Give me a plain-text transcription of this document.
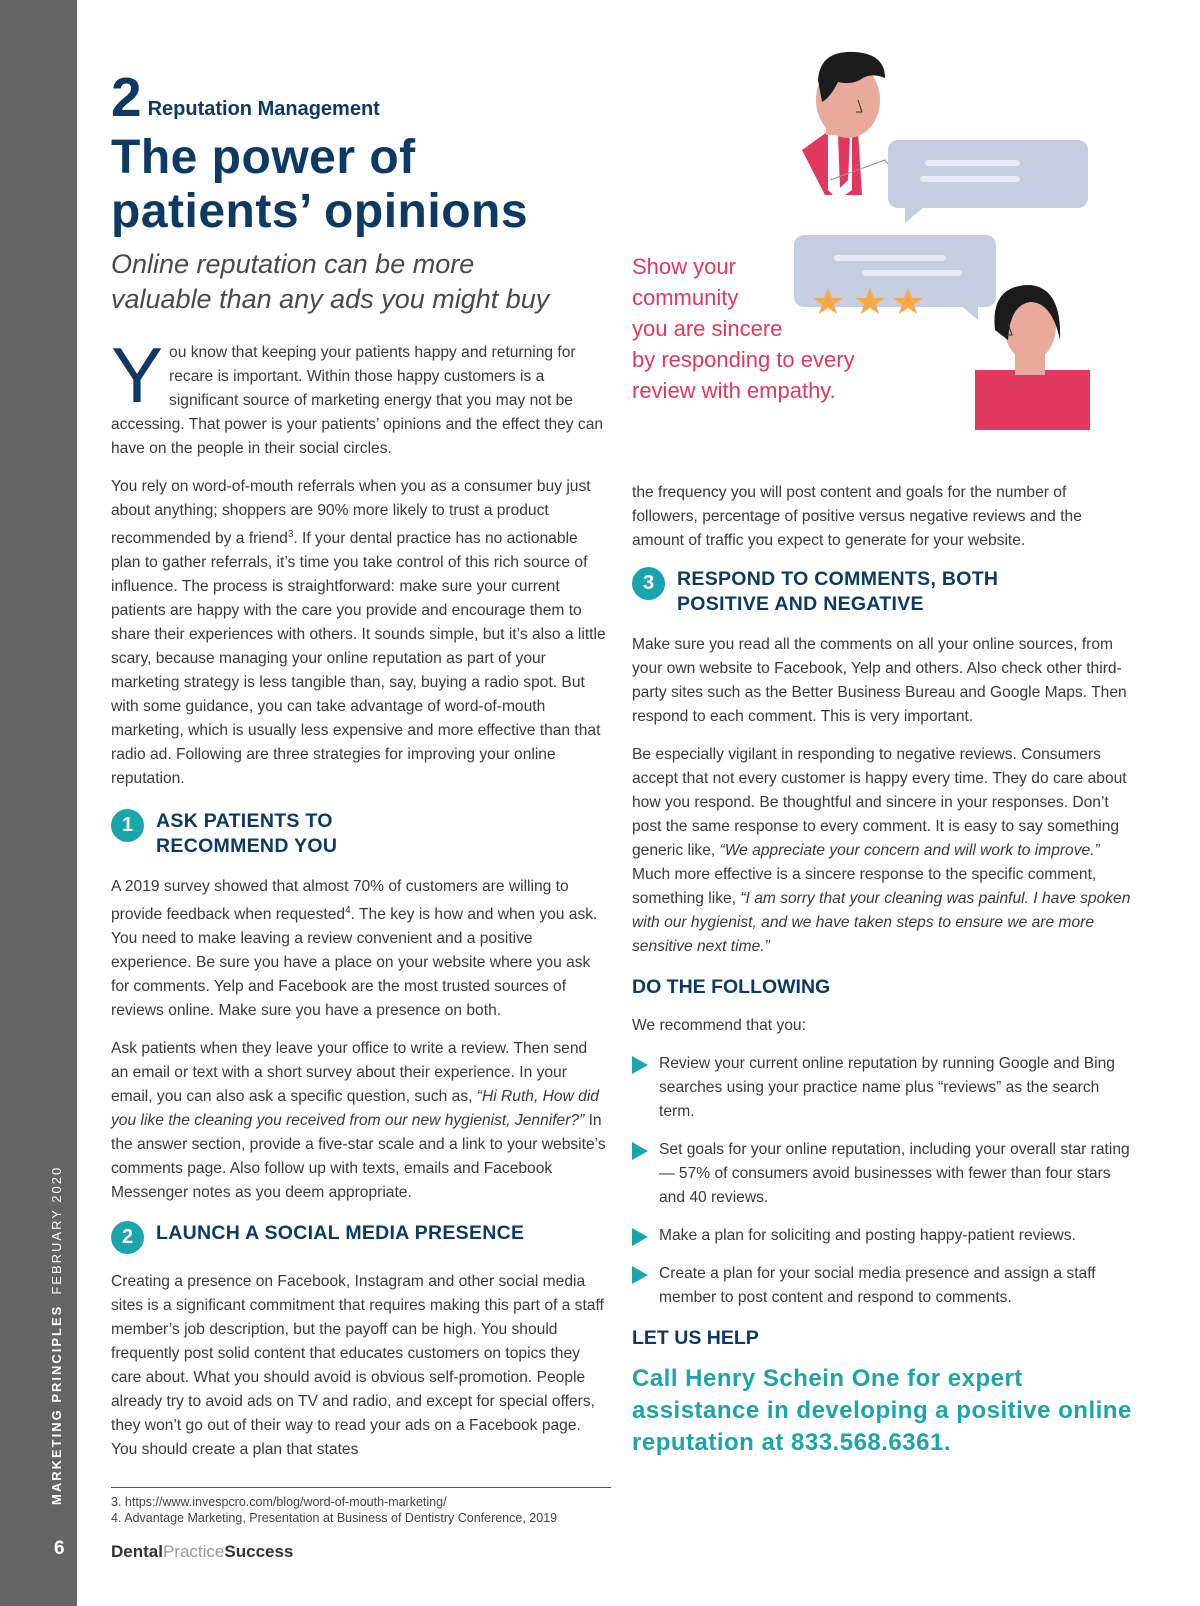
MARKETING PRINCIPLESFEBRUARY 2020
6
Show your
community
you are sincere
by responding to every
review with empathy.
2 Reputation Management
The power of
patients’ opinions
Online reputation can be more
valuable than any ads you might buy

You know that keeping your patients happy and returning for recare is important. Within those happy customers is a significant source of marketing energy that you may not be accessing. That power is your patients’ opinions and the effect they can have on the people in their social circles.

You rely on word-of-mouth referrals when you as a consumer buy just about anything; shoppers are 90% more likely to trust a product recommended by a friend$^3$. If your dental practice has no actionable plan to gather referrals, it’s time you take control of this rich source of influence. The process is straightforward: make sure your current patients are happy with the care you provide and encourage them to share their experiences with others. It sounds simple, but it’s also a little scary, because managing your online reputation as part of your marketing strategy is less tangible than, say, buying a radio spot. But with some guidance, you can take advantage of word-of-mouth marketing, which is usually less expensive and more effective than that radio ad. Following are three strategies for improving your online reputation.

1	ASK PATIENTS TO
RECOMMEND YOU

A 2019 survey showed that almost 70% of customers are willing to provide feedback when requested$^4$. The key is how and when you ask. You need to make leaving a review convenient and a positive experience. Be sure you have a place on your website where you ask for comments. Yelp and Facebook are the most trusted sources of reviews online. Make sure you have a presence on both.

Ask patients when they leave your office to write a review. Then send an email or text with a short survey about their experience. In your email, you can also ask a specific question, such as, “Hi Ruth, How did you like the cleaning you received from our new hygienist, Jennifer?” In the answer section, provide a five-star scale and a link to your website’s comments page. Also follow up with texts, emails and Facebook Messenger notes as you deem appropriate.

2	LAUNCH A SOCIAL MEDIA PRESENCE

Creating a presence on Facebook, Instagram and other social media sites is a significant commitment that requires making this part of a staff member’s job description, but the payoff can be high. You should frequently post solid content that educates customers on topics they care about. What you should avoid is obvious self-promotion. People already try to avoid ads on TV and radio, and except for special offers, they won’t go out of their way to read your ads on a Facebook page. You should create a plan that states

3. https://www.invespcro.com/blog/word-of-mouth-marketing/

4. Advantage Marketing, Presentation at Business of Dentistry Conference, 2019

DentalPracticeSuccess

the frequency you will post content and goals for the number of followers, percentage of positive versus negative reviews and the amount of traffic you expect to generate for your website.

3	RESPOND TO COMMENTS, BOTH
POSITIVE AND NEGATIVE

Make sure you read all the comments on all your online sources, from your own website to Facebook, Yelp and others. Also check other third-party sites such as the Better Business Bureau and Google Maps. Then respond to each comment. This is very important.

Be especially vigilant in responding to negative reviews. Consumers accept that not every customer is happy every time. They do care about how you respond. Be thoughtful and sincere in your responses. Don’t post the same response to every comment. It is easy to say something generic like, “We appreciate your concern and will work to improve.” Much more effective is a sincere response to the specific comment, something like, “I am sorry that your cleaning was painful. I have spoken with our hygienist, and we have taken steps to ensure we are more sensitive next time.”

DO THE FOLLOWING

We recommend that you:

Review your current online reputation by running Google and Bing searches using your practice name plus “reviews” as the search term.

Set goals for your online reputation, including your overall star rating — 57% of consumers avoid businesses with fewer than four stars and 40 reviews.

Make a plan for soliciting and posting happy-patient reviews.

Create a plan for your social media presence and assign a staff member to post content and respond to comments.

LET US HELP
Call Henry Schein One for expert assistance in developing a positive online reputation at 833.568.6361.
